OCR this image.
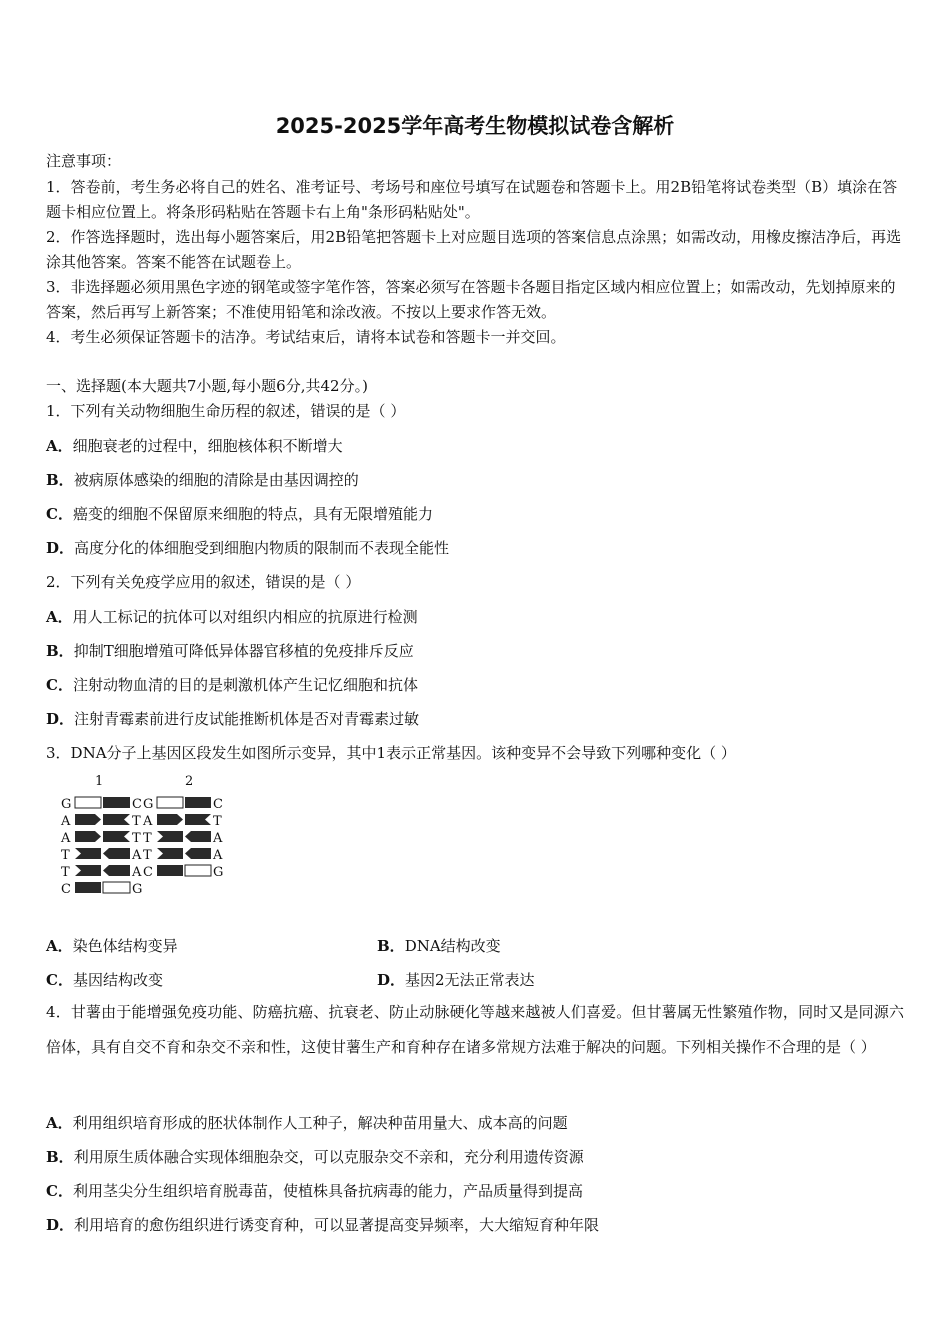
2025-2025学年高考生物模拟试卷含解析
注意事项：
1．答卷前，考生务必将自己的姓名、准考证号、考场号和座位号填写在试题卷和答题卡上。用2B铅笔将试卷类型（B）填涂在答题卡相应位置上。将条形码粘贴在答题卡右上角"条形码粘贴处"。
2．作答选择题时，选出每小题答案后，用2B铅笔把答题卡上对应题目选项的答案信息点涂黑；如需改动，用橡皮擦洁净后，再选涂其他答案。答案不能答在试题卷上。
3．非选择题必须用黑色字迹的钢笔或签字笔作答，答案必须写在答题卡各题目指定区域内相应位置上；如需改动，先划掉原来的答案，然后再写上新答案；不准使用铅笔和涂改液。不按以上要求作答无效。
4．考生必须保证答题卡的洁净。考试结束后，请将本试卷和答题卡一并交回。
一、选择题(本大题共7小题,每小题6分,共42分。)
1．下列有关动物细胞生命历程的叙述，错误的是（ ）
A．细胞衰老的过程中，细胞核体积不断增大
B．被病原体感染的细胞的清除是由基因调控的
C．癌变的细胞不保留原来细胞的特点，具有无限增殖能力
D．高度分化的体细胞受到细胞内物质的限制而不表现全能性
2．下列有关免疫学应用的叙述，错误的是（ ）
A．用人工标记的抗体可以对组织内相应的抗原进行检测
B．抑制T细胞增殖可降低异体器官移植的免疫排斥反应
C．注射动物血清的目的是刺激机体产生记忆细胞和抗体
D．注射青霉素前进行皮试能推断机体是否对青霉素过敏
3．DNA分子上基因区段发生如图所示变异，其中1表示正常基因。该种变异不会导致下列哪种变化（ ）
1	2
G
A
A
T
T
C
C
T
T
A
A
G
G
A
T
T
C
C
T
A
A
G
A．染色体结构变异	B．DNA结构改变
C．基因结构改变	D．基因2无法正常表达
4．甘薯由于能增强免疫功能、防癌抗癌、抗衰老、防止动脉硬化等越来越被人们喜爱。但甘薯属无性繁殖作物，同时又是同源六倍体，具有自交不育和杂交不亲和性，这使甘薯生产和育种存在诸多常规方法难于解决的问题。下列相关操作不合理的是（ ）
A．利用组织培育形成的胚状体制作人工种子，解决种苗用量大、成本高的问题
B．利用原生质体融合实现体细胞杂交，可以克服杂交不亲和，充分利用遗传资源
C．利用茎尖分生组织培育脱毒苗，使植株具备抗病毒的能力，产品质量得到提高
D．利用培育的愈伤组织进行诱变育种，可以显著提高变异频率，大大缩短育种年限
